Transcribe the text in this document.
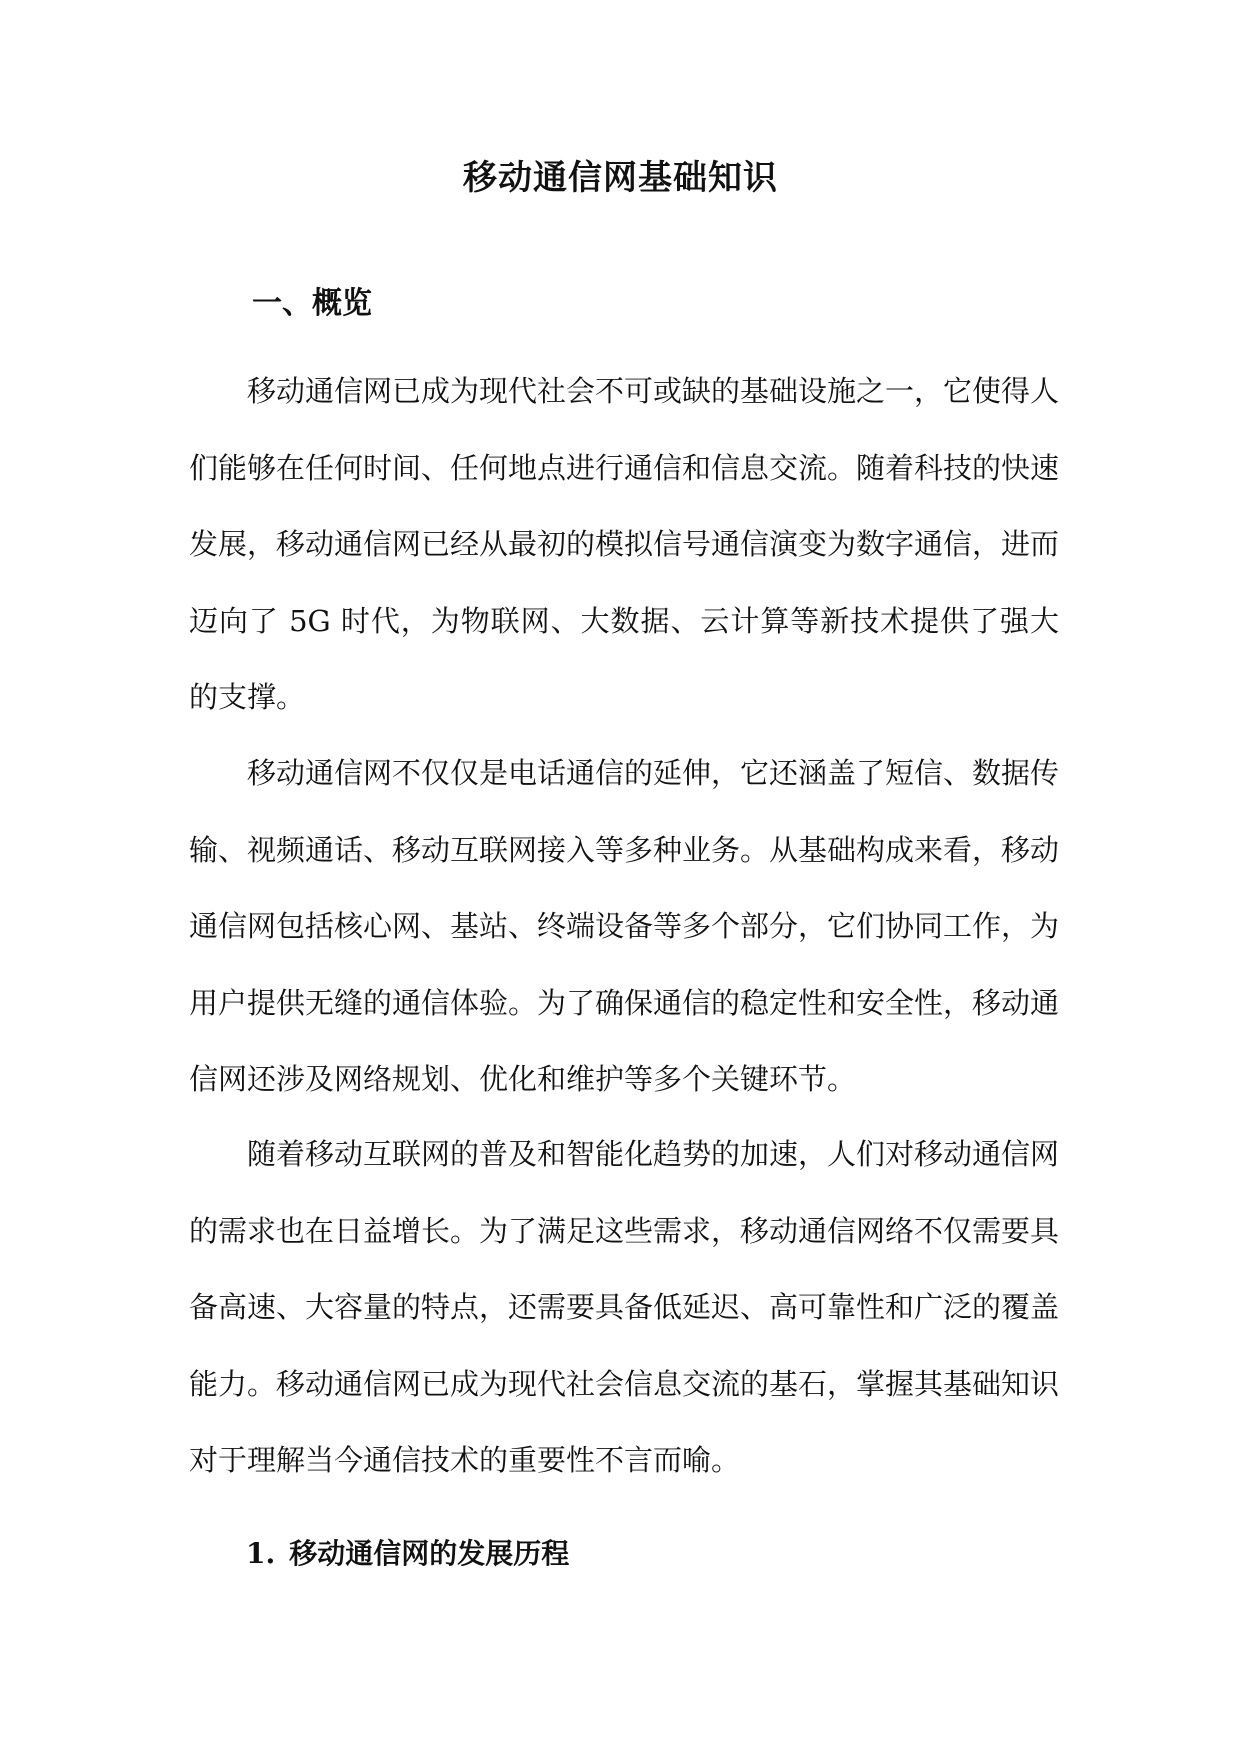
移动通信网基础知识
一、概览

移动通信网已成为现代社会不可或缺的基础设施之一，它使得人们能够在任何时间、任何地点进行通信和信息交流。随着科技的快速发展，移动通信网已经从最初的模拟信号通信演变为数字通信，进而迈向了 5G 时代，为物联网、大数据、云计算等新技术提供了强大的支撑。

移动通信网不仅仅是电话通信的延伸，它还涵盖了短信、数据传输、视频通话、移动互联网接入等多种业务。从基础构成来看，移动通信网包括核心网、基站、终端设备等多个部分，它们协同工作，为用户提供无缝的通信体验。为了确保通信的稳定性和安全性，移动通信网还涉及网络规划、优化和维护等多个关键环节。

随着移动互联网的普及和智能化趋势的加速，人们对移动通信网的需求也在日益增长。为了满足这些需求，移动通信网络不仅需要具备高速、大容量的特点，还需要具备低延迟、高可靠性和广泛的覆盖能力。移动通信网已成为现代社会信息交流的基石，掌握其基础知识对于理解当今通信技术的重要性不言而喻。

1. 移动通信网的发展历程
